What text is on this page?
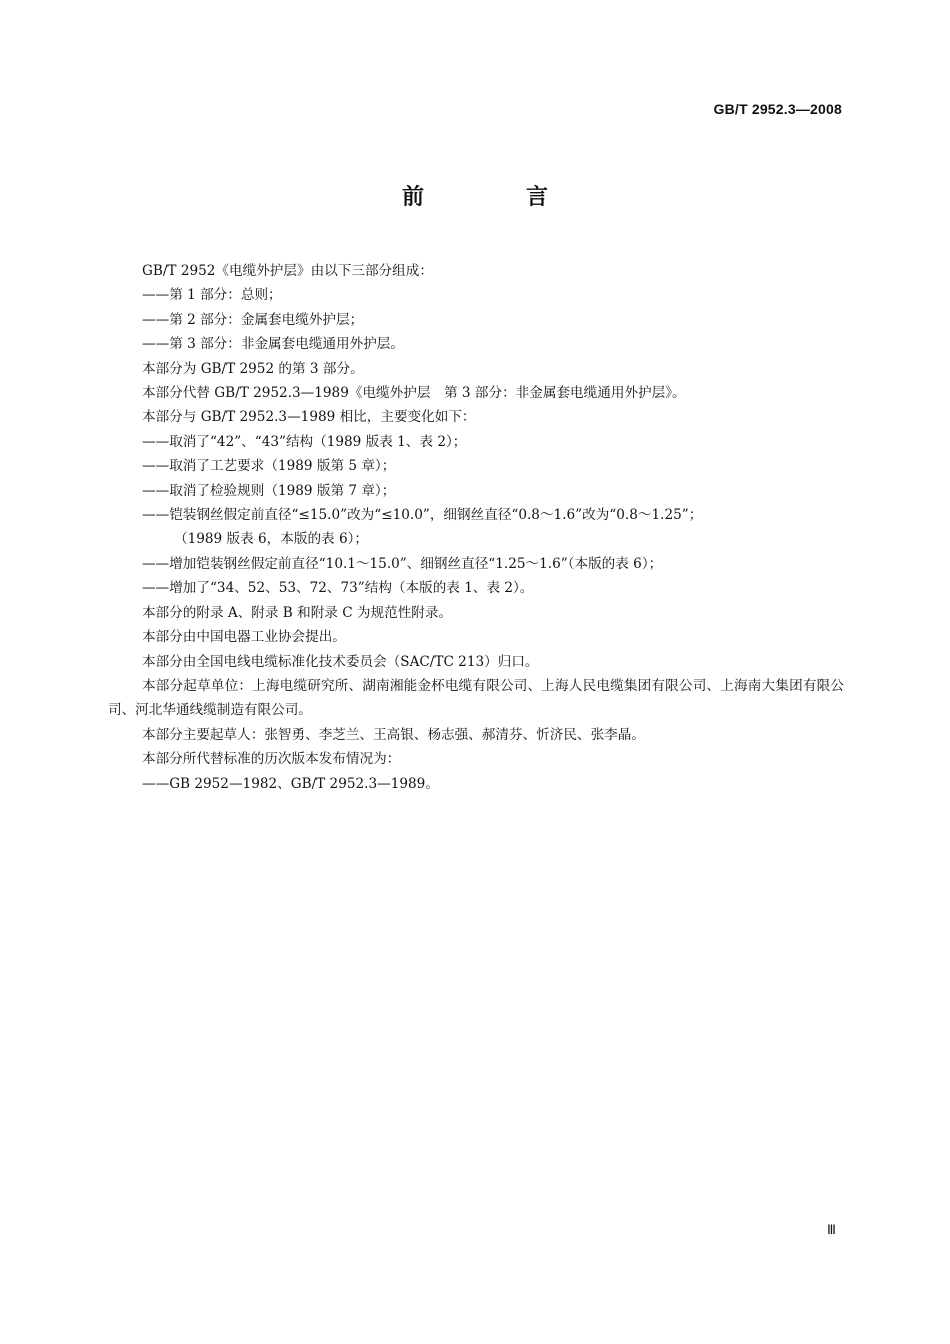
GB/T 2952.3—2008
前　言

GB/T 2952《电缆外护层》由以下三部分组成：

——第 1 部分：总则；

——第 2 部分：金属套电缆外护层；

——第 3 部分：非金属套电缆通用外护层。

本部分为 GB/T 2952 的第 3 部分。

本部分代替 GB/T 2952.3—1989《电缆外护层　第 3 部分：非金属套电缆通用外护层》。

本部分与 GB/T 2952.3—1989 相比，主要变化如下：

——取消了“42”、“43”结构（1989 版表 1、表 2）；

——取消了工艺要求（1989 版第 5 章）；

——取消了检验规则（1989 版第 7 章）；

——铠装钢丝假定前直径“≤15.0”改为“≤10.0”，细钢丝直径“0.8～1.6”改为“0.8～1.25”；

（1989 版表 6，本版的表 6）；

——增加铠装钢丝假定前直径“10.1～15.0”、细钢丝直径“1.25～1.6”（本版的表 6）；

——增加了“34、52、53、72、73”结构（本版的表 1、表 2）。

本部分的附录 A、附录 B 和附录 C 为规范性附录。

本部分由中国电器工业协会提出。

本部分由全国电线电缆标准化技术委员会（SAC/TC 213）归口。

本部分起草单位：上海电缆研究所、湖南湘能金杯电缆有限公司、上海人民电缆集团有限公司、上海南大集团有限公司、河北华通线缆制造有限公司。

本部分主要起草人：张智勇、李芝兰、王高银、杨志强、郝清芬、忻济民、张李晶。

本部分所代替标准的历次版本发布情况为：

——GB 2952—1982、GB/T 2952.3—1989。

Ⅲ
